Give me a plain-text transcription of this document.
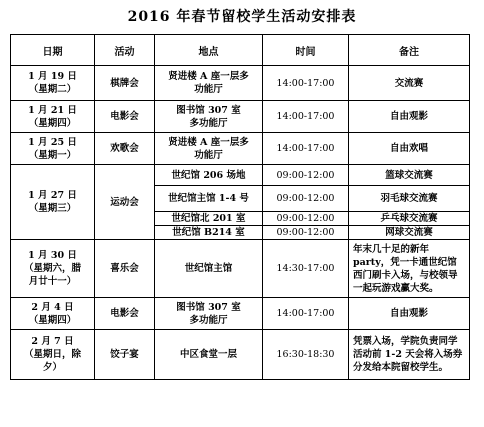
2016 年春节留校学生活动安排表
日期	活动	地点	时间	备注

1 月 19 日
（星期二）	棋牌会	贤进楼 A 座一层多
功能厅	14:00-17:00	交流赛

1 月 21 日
（星期四）	电影会	图书馆 307 室
多功能厅	14:00-17:00	自由观影

1 月 25 日
（星期一）	欢歌会	贤进楼 A 座一层多
功能厅	14:00-17:00	自由欢唱

1 月 27 日
（星期三）	运动会	世纪馆 206 场地	09:00-12:00	篮球交流赛
		世纪馆主馆 1-4 号	09:00-12:00	羽毛球交流赛
		世纪馆北 201 室	09:00-12:00	乒乓球交流赛
		世纪馆 B214 室	09:00-12:00	网球交流赛

1 月 30 日
（星期六，腊
月廿十一）	喜乐会	世纪馆主馆	14:30-17:00	年末几十足的新年 party，凭一卡通世纪馆西门刷卡入场，与校领导一起玩游戏赢大奖。

2 月 4 日
（星期四）	电影会	图书馆 307 室
多功能厅	14:00-17:00	自由观影

2 月 7 日
（星期日，除
夕）	饺子宴	中区食堂一层	16:30-18:30	凭票入场，学院负责同学活动前 1-2 天会将入场券分发给本院留校学生。
